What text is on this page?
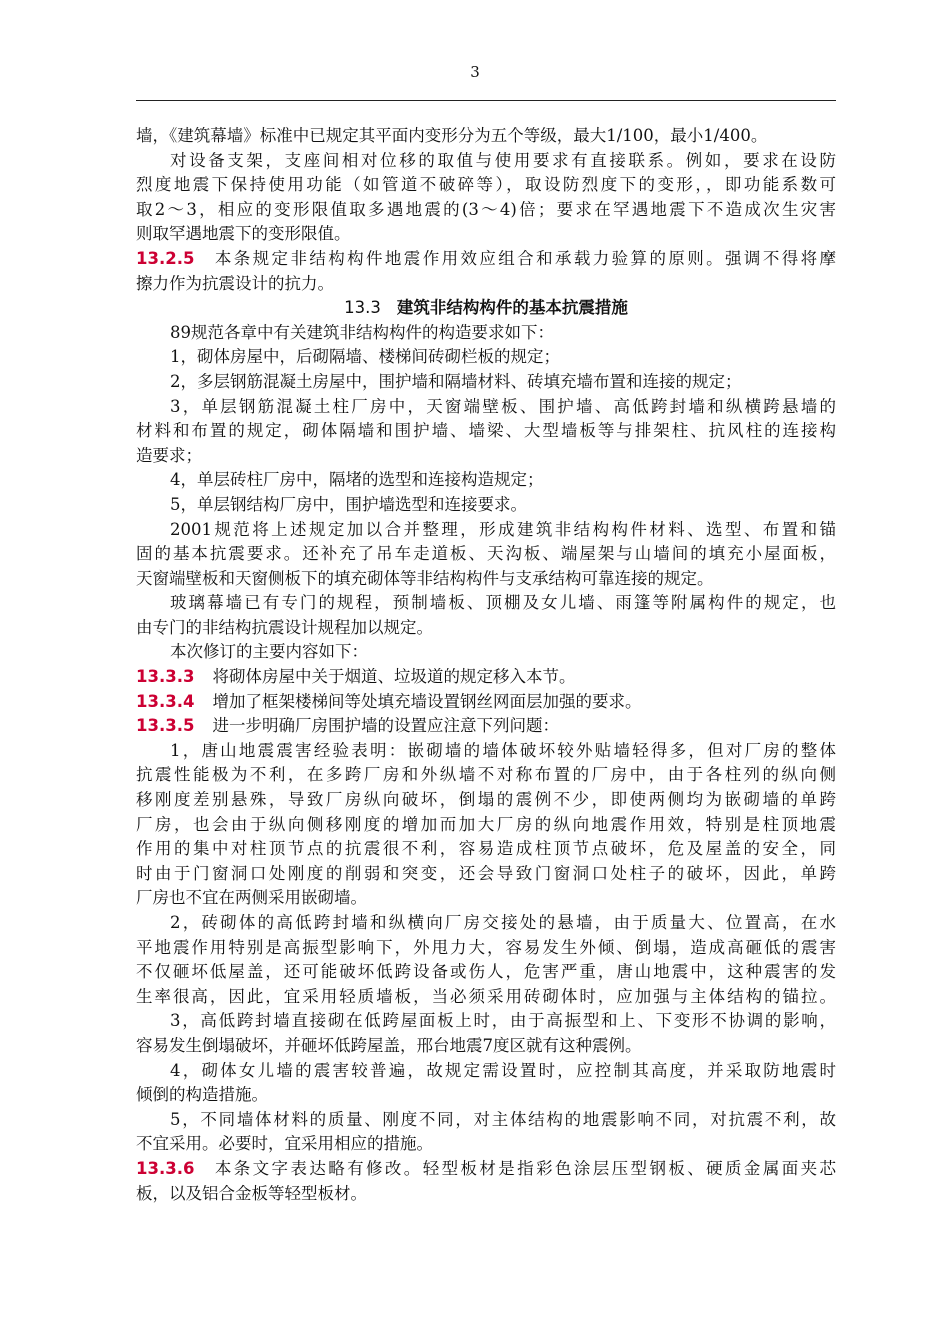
3
墙，《建筑幕墙》标准中已规定其平面内变形分为五个等级，最大1/100，最小1/400。
对设备支架，支座间相对位移的取值与使用要求有直接联系。例如，要求在设防
烈度地震下保持使用功能（如管道不破碎等），取设防烈度下的变形，，即功能系数可
取2～3，相应的变形限值取多遇地震的(3～4)倍；要求在罕遇地震下不造成次生灾害
则取罕遇地震下的变形限值。
13.2.5 本条规定非结构构件地震作用效应组合和承载力验算的原则。强调不得将摩
擦力作为抗震设计的抗力。
13.3 建筑非结构构件的基本抗震措施
89规范各章中有关建筑非结构构件的构造要求如下：
1，砌体房屋中，后砌隔墙、楼梯间砖砌栏板的规定；
2，多层钢筋混凝土房屋中，围护墙和隔墙材料、砖填充墙布置和连接的规定；
3，单层钢筋混凝土柱厂房中，天窗端壁板、围护墙、高低跨封墙和纵横跨悬墙的
材料和布置的规定，砌体隔墙和围护墙、墙梁、大型墙板等与排架柱、抗风柱的连接构
造要求；
4，单层砖柱厂房中，隔堵的选型和连接构造规定；
5，单层钢结构厂房中，围护墙选型和连接要求。
2001规范将上述规定加以合并整理，形成建筑非结构构件材料、选型、布置和锚
固的基本抗震要求。还补充了吊车走道板、天沟板、端屋架与山墙间的填充小屋面板，
天窗端壁板和天窗侧板下的填充砌体等非结构构件与支承结构可靠连接的规定。
玻璃幕墙已有专门的规程，预制墙板、顶棚及女儿墙、雨篷等附属构件的规定，也
由专门的非结构抗震设计规程加以规定。
本次修订的主要内容如下：
13.3.3 将砌体房屋中关于烟道、垃圾道的规定移入本节。
13.3.4 增加了框架楼梯间等处填充墙设置钢丝网面层加强的要求。
13.3.5 进一步明确厂房围护墙的设置应注意下列问题：
1，唐山地震震害经验表明：嵌砌墙的墙体破坏较外贴墙轻得多，但对厂房的整体
抗震性能极为不利，在多跨厂房和外纵墙不对称布置的厂房中，由于各柱列的纵向侧
移刚度差别悬殊，导致厂房纵向破坏，倒塌的震例不少，即使两侧均为嵌砌墙的单跨
厂房，也会由于纵向侧移刚度的增加而加大厂房的纵向地震作用效，特别是柱顶地震
作用的集中对柱顶节点的抗震很不利，容易造成柱顶节点破坏，危及屋盖的安全，同
时由于门窗洞口处刚度的削弱和突变，还会导致门窗洞口处柱子的破坏，因此，单跨
厂房也不宜在两侧采用嵌砌墙。
2，砖砌体的高低跨封墙和纵横向厂房交接处的悬墙，由于质量大、位置高，在水
平地震作用特别是高振型影响下，外甩力大，容易发生外倾、倒塌，造成高砸低的震害
不仅砸坏低屋盖，还可能破坏低跨设备或伤人，危害严重，唐山地震中，这种震害的发
生率很高，因此，宜采用轻质墙板，当必须采用砖砌体时，应加强与主体结构的锚拉。
3，高低跨封墙直接砌在低跨屋面板上时，由于高振型和上、下变形不协调的影响，
容易发生倒塌破坏，并砸坏低跨屋盖，邢台地震7度区就有这种震例。
4，砌体女儿墙的震害较普遍，故规定需设置时，应控制其高度，并采取防地震时
倾倒的构造措施。
5，不同墙体材料的质量、刚度不同，对主体结构的地震影响不同，对抗震不利，故
不宜采用。必要时，宜采用相应的措施。
13.3.6 本条文字表达略有修改。轻型板材是指彩色涂层压型钢板、硬质金属面夹芯
板，以及铝合金板等轻型板材。
